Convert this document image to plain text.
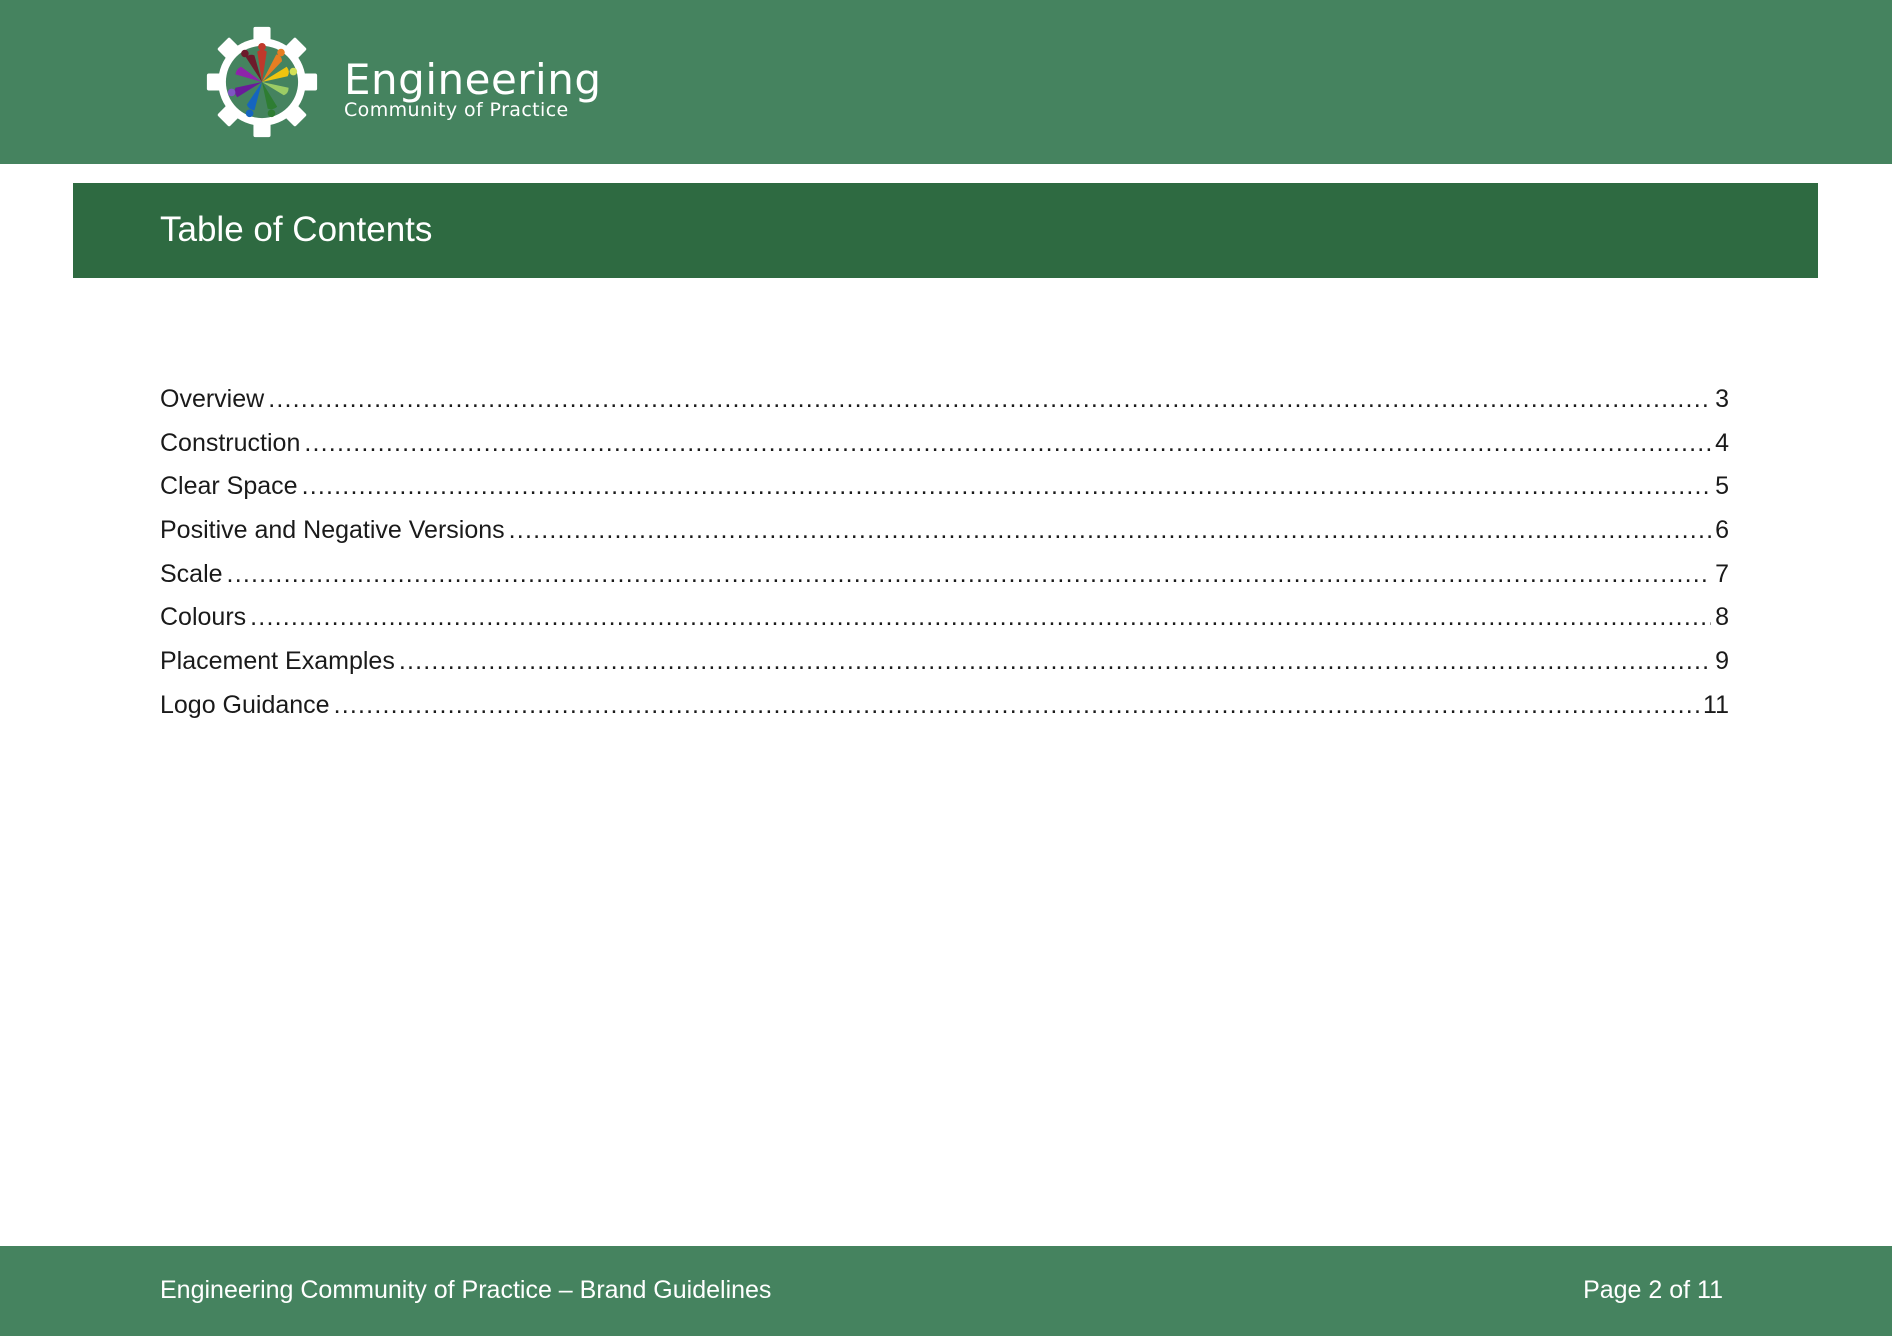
Engineering
Community of Practice
Table of Contents
Overview .....	3
Construction .....	4
Clear Space .....	5
Positive and Negative Versions .....	6
Scale .....	7
Colours .....	8
Placement Examples .....	9
Logo Guidance .....	11
Engineering Community of Practice – Brand Guidelines	Page 2 of 11
